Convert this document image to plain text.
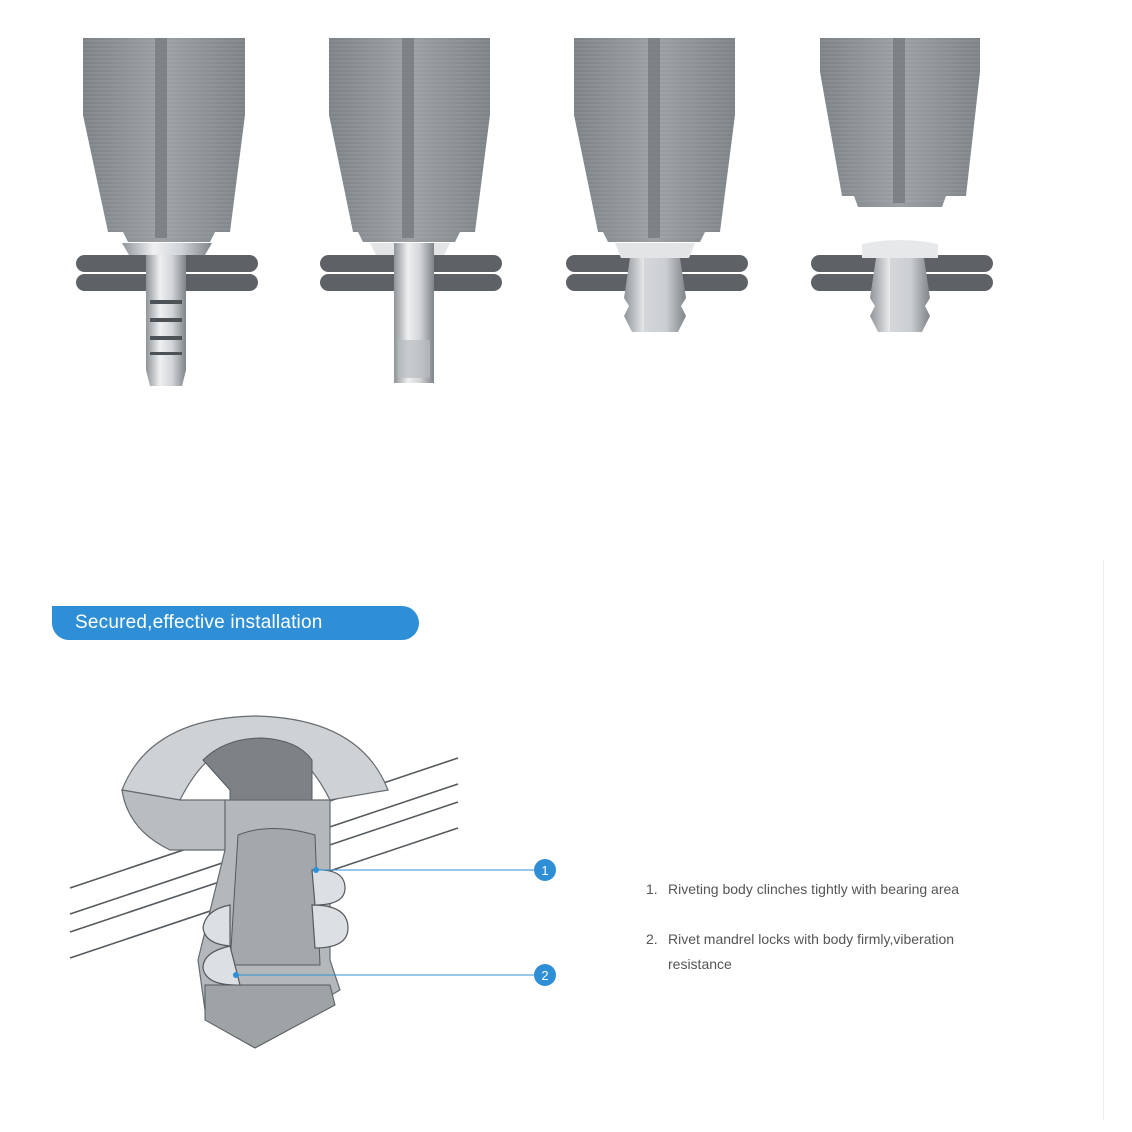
Secured,effective installation
1
2
1. Riveting body clinches tightly with bearing area
2. Rivet mandrel locks with body firmly,viberation
resistance
